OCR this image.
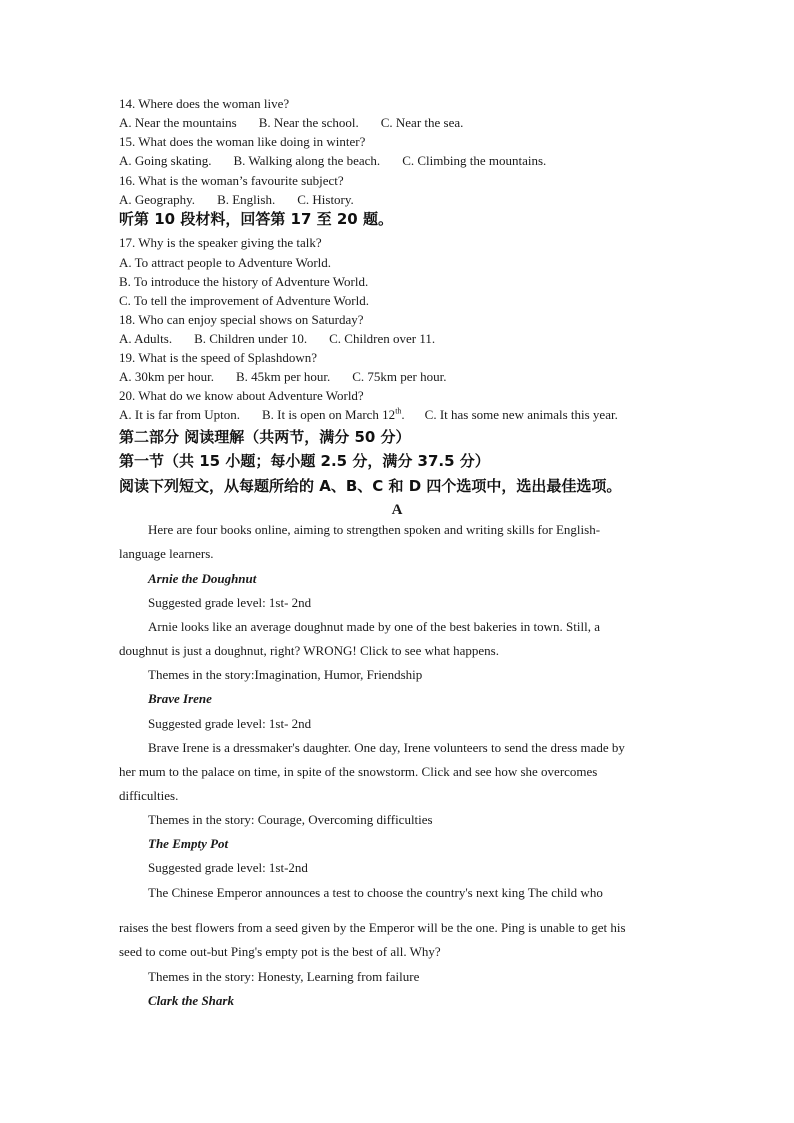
14. Where does the woman live?
A. Near the mountains B. Near the school. C. Near the sea.
15. What does the woman like doing in winter?
A. Going skating. B. Walking along the beach. C. Climbing the mountains.
16. What is the woman’s favourite subject?
A. Geography. B. English. C. History.
听第 10 段材料，回答第 17 至 20 题。
17. Why is the speaker giving the talk?
A. To attract people to Adventure World.
B. To introduce the history of Adventure World.
C. To tell the improvement of Adventure World.
18. Who can enjoy special shows on Saturday?
A. Adults. B. Children under 10. C. Children over 11.
19. What is the speed of Splashdown?
A. 30km per hour. B. 45km per hour. C. 75km per hour.
20. What do we know about Adventure World?
A. It is far from Upton. B. It is open on March 12th. C. It has some new animals this year.
第二部分 阅读理解（共两节，满分 50 分）
第一节（共 15 小题；每小题 2.5 分，满分 37.5 分）
阅读下列短文，从每题所给的 A、B、C 和 D 四个选项中，选出最佳选项。
A
Here are four books online, aiming to strengthen spoken and writing skills for English-
language learners.
Arnie the Doughnut
Suggested grade level: 1st- 2nd
Arnie looks like an average doughnut made by one of the best bakeries in town. Still, a
doughnut is just a doughnut, right? WRONG! Click to see what happens.
Themes in the story:Imagination, Humor, Friendship
Brave Irene
Suggested grade level: 1st- 2nd
Brave Irene is a dressmaker's daughter. One day, Irene volunteers to send the dress made by
her mum to the palace on time, in spite of the snowstorm. Click and see how she overcomes
difficulties.
Themes in the story: Courage, Overcoming difficulties
The Empty Pot
Suggested grade level: 1st-2nd
The Chinese Emperor announces a test to choose the country's next king The child who
raises the best flowers from a seed given by the Emperor will be the one. Ping is unable to get his
seed to come out-but Ping's empty pot is the best of all. Why?
Themes in the story: Honesty, Learning from failure
Clark the Shark
